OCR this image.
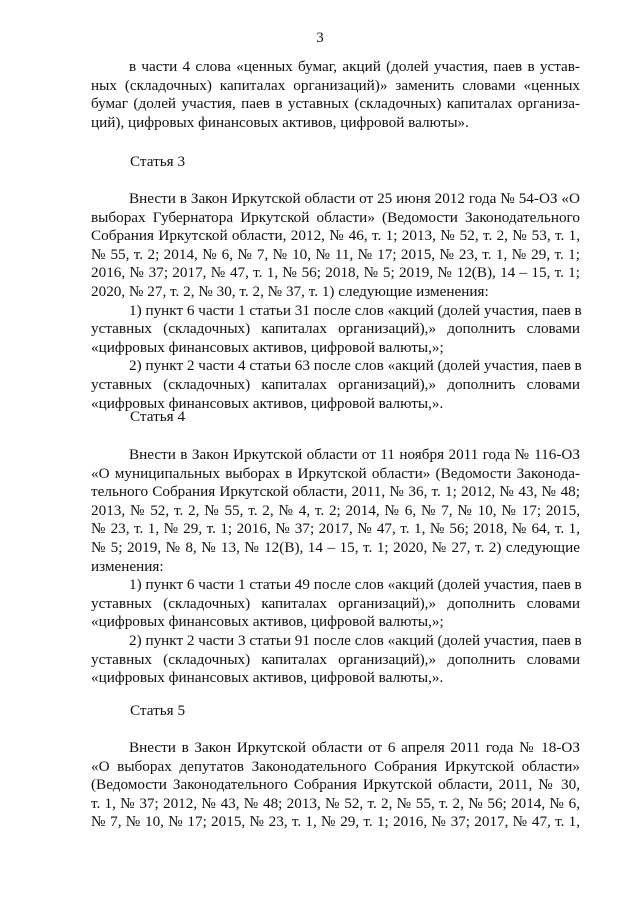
3
в части 4 слова «ценных бумаг, акций (долей участия, паев в устав-
ных (складочных) капиталах организаций)» заменить словами «ценных
бумаг (долей участия, паев в уставных (складочных) капиталах организа-
ций), цифровых финансовых активов, цифровой валюты».
Статья 3
Внести в Закон Иркутской области от 25 июня 2012 года № 54-ОЗ «О
выборах Губернатора Иркутской области» (Ведомости Законодательного
Собрания Иркутской области, 2012, № 46, т. 1; 2013, № 52, т. 2, № 53, т. 1,
№ 55, т. 2; 2014, № 6, № 7, № 10, № 11, № 17; 2015, № 23, т. 1, № 29, т. 1;
2016, № 37; 2017, № 47, т. 1, № 56; 2018, № 5; 2019, № 12(В), 14 – 15, т. 1;
2020, № 27, т. 2, № 30, т. 2, № 37, т. 1) следующие изменения:
1) пункт 6 части 1 статьи 31 после слов «акций (долей участия, паев в
уставных (складочных) капиталах организаций),» дополнить словами
«цифровых финансовых активов, цифровой валюты,»;
2) пункт 2 части 4 статьи 63 после слов «акций (долей участия, паев в
уставных (складочных) капиталах организаций),» дополнить словами
«цифровых финансовых активов, цифровой валюты,».
Статья 4
Внести в Закон Иркутской области от 11 ноября 2011 года № 116-ОЗ
«О муниципальных выборах в Иркутской области» (Ведомости Законода-
тельного Собрания Иркутской области, 2011, № 36, т. 1; 2012, № 43, № 48;
2013, № 52, т. 2, № 55, т. 2, № 4, т. 2; 2014, № 6, № 7, № 10, № 17; 2015,
№ 23, т. 1, № 29, т. 1; 2016, № 37; 2017, № 47, т. 1, № 56; 2018, № 64, т. 1,
№ 5; 2019, № 8, № 13, № 12(В), 14 – 15, т. 1; 2020, № 27, т. 2) следующие
изменения:
1) пункт 6 части 1 статьи 49 после слов «акций (долей участия, паев в
уставных (складочных) капиталах организаций),» дополнить словами
«цифровых финансовых активов, цифровой валюты,»;
2) пункт 2 части 3 статьи 91 после слов «акций (долей участия, паев в
уставных (складочных) капиталах организаций),» дополнить словами
«цифровых финансовых активов, цифровой валюты,».
Статья 5
Внести в Закон Иркутской области от 6 апреля 2011 года № 18-ОЗ
«О выборах депутатов Законодательного Собрания Иркутской области»
(Ведомости Законодательного Собрания Иркутской области, 2011, № 30,
т. 1, № 37; 2012, № 43, № 48; 2013, № 52, т. 2, № 55, т. 2, № 56; 2014, № 6,
№ 7, № 10, № 17; 2015, № 23, т. 1, № 29, т. 1; 2016, № 37; 2017, № 47, т. 1,
